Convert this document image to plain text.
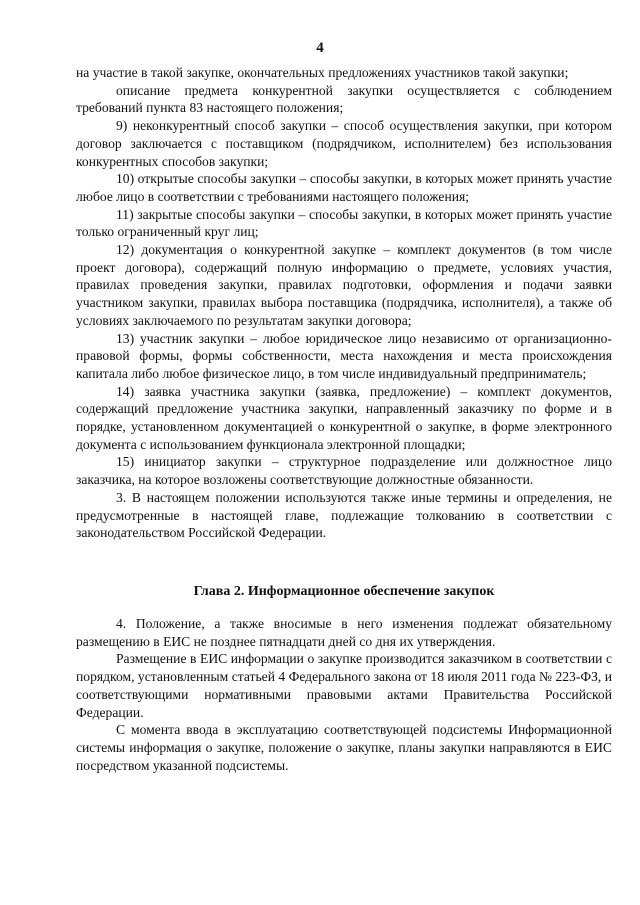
4

на участие в такой закупке, окончательных предложениях участников такой закупки;

описание предмета конкурентной закупки осуществляется с соблюдением требований пункта 83 настоящего положения;

9) неконкурентный способ закупки – способ осуществления закупки, при котором договор заключается с поставщиком (подрядчиком, исполнителем) без использования конкурентных способов закупки;

10) открытые способы закупки – способы закупки, в которых может принять участие любое лицо в соответствии с требованиями настоящего положения;

11) закрытые способы закупки – способы закупки, в которых может принять участие только ограниченный круг лиц;

12) документация о конкурентной закупке – комплект документов (в том числе проект договора), содержащий полную информацию о предмете, условиях участия, правилах проведения закупки, правилах подготовки, оформления и подачи заявки участником закупки, правилах выбора поставщика (подрядчика, исполнителя), а также об условиях заключаемого по результатам закупки договора;

13) участник закупки – любое юридическое лицо независимо от организационно-правовой формы, формы собственности, места нахождения и места происхождения капитала либо любое физическое лицо, в том числе индивидуальный предприниматель;

14) заявка участника закупки (заявка, предложение) – комплект документов, содержащий предложение участника закупки, направленный заказчику по форме и в порядке, установленном документацией о конкурентной о закупке, в форме электронного документа с использованием функционала электронной площадки;

15) инициатор закупки – структурное подразделение или должностное лицо заказчика, на которое возложены соответствующие должностные обязанности.

3. В настоящем положении используются также иные термины и определения, не предусмотренные в настоящей главе, подлежащие толкованию в соответствии с законодательством Российской Федерации.

Глава 2. Информационное обеспечение закупок

4. Положение, а также вносимые в него изменения подлежат обязательному размещению в ЕИС не позднее пятнадцати дней со дня их утверждения.

Размещение в ЕИС информации о закупке производится заказчиком в соответствии с порядком, установленным статьей 4 Федерального закона от 18 июля 2011 года № 223-ФЗ, и соответствующими нормативными правовыми актами Правительства Российской Федерации.

С момента ввода в эксплуатацию соответствующей подсистемы Информационной системы информация о закупке, положение о закупке, планы закупки направляются в ЕИС посредством указанной подсистемы.
